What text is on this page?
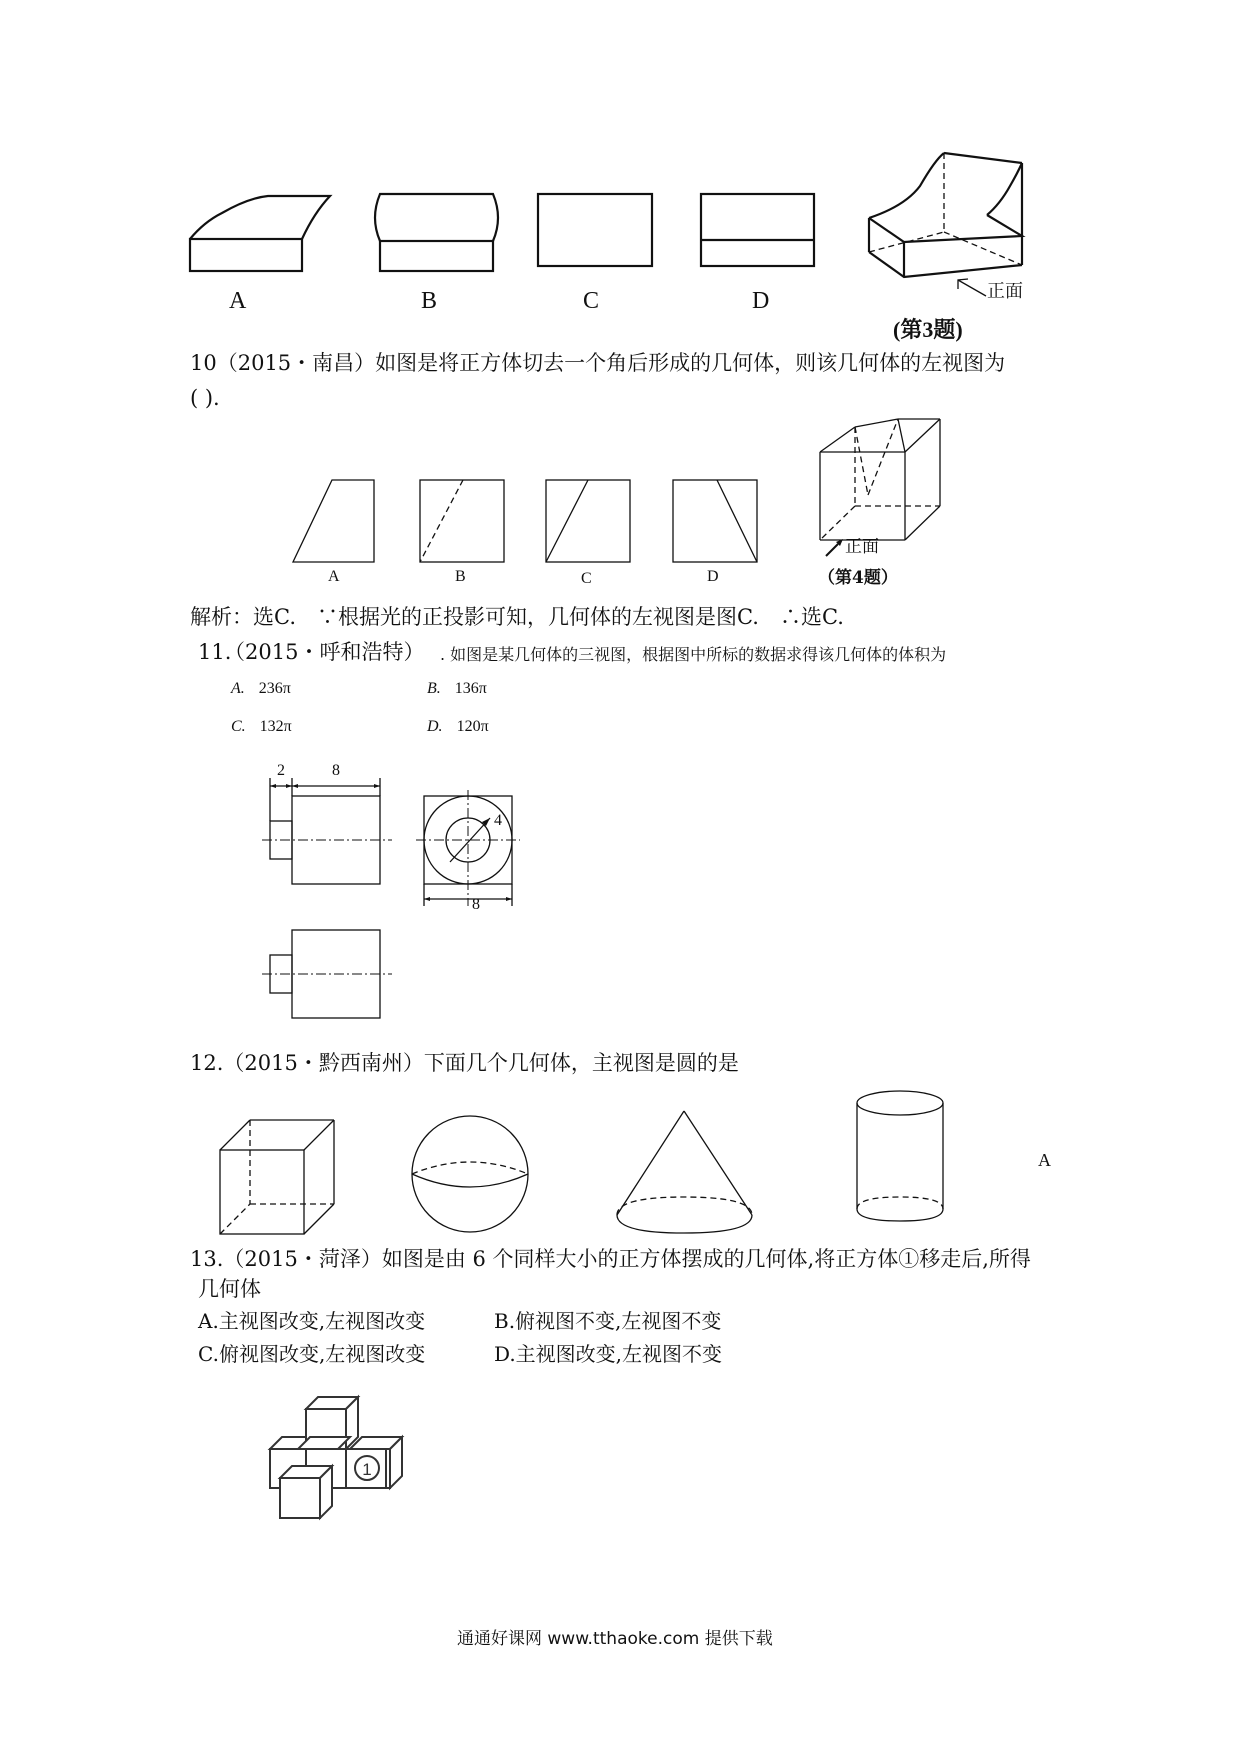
A	B	C	D	正面
(第3题)
10（2015・南昌）如图是将正方体切去一个角后形成的几何体，则该几何体的左视图为
( ).
A	B	C	D
正面
（第4题）
解析：选C.　∵根据光的正投影可知，几何体的左视图是图C.　∴选C.
11.
（2015・呼和浩特） . 如图是某几何体的三视图，根据图中所标的数据求得该几何体的体积为
A. 236π	B. 136π
C. 132π	D. 120π
2	8
4
8
12.（2015・黔西南州）下面几个几何体，主视图是圆的是
A
13.（2015・菏泽）如图是由 6 个同样大小的正方体摆成的几何体,将正方体①移走后,所得
几何体
A.主视图改变,左视图改变	B.俯视图不变,左视图不变
C.俯视图改变,左视图改变	D.主视图改变,左视图不变
1
通通好课网 www.tthaoke.com 提供下载
